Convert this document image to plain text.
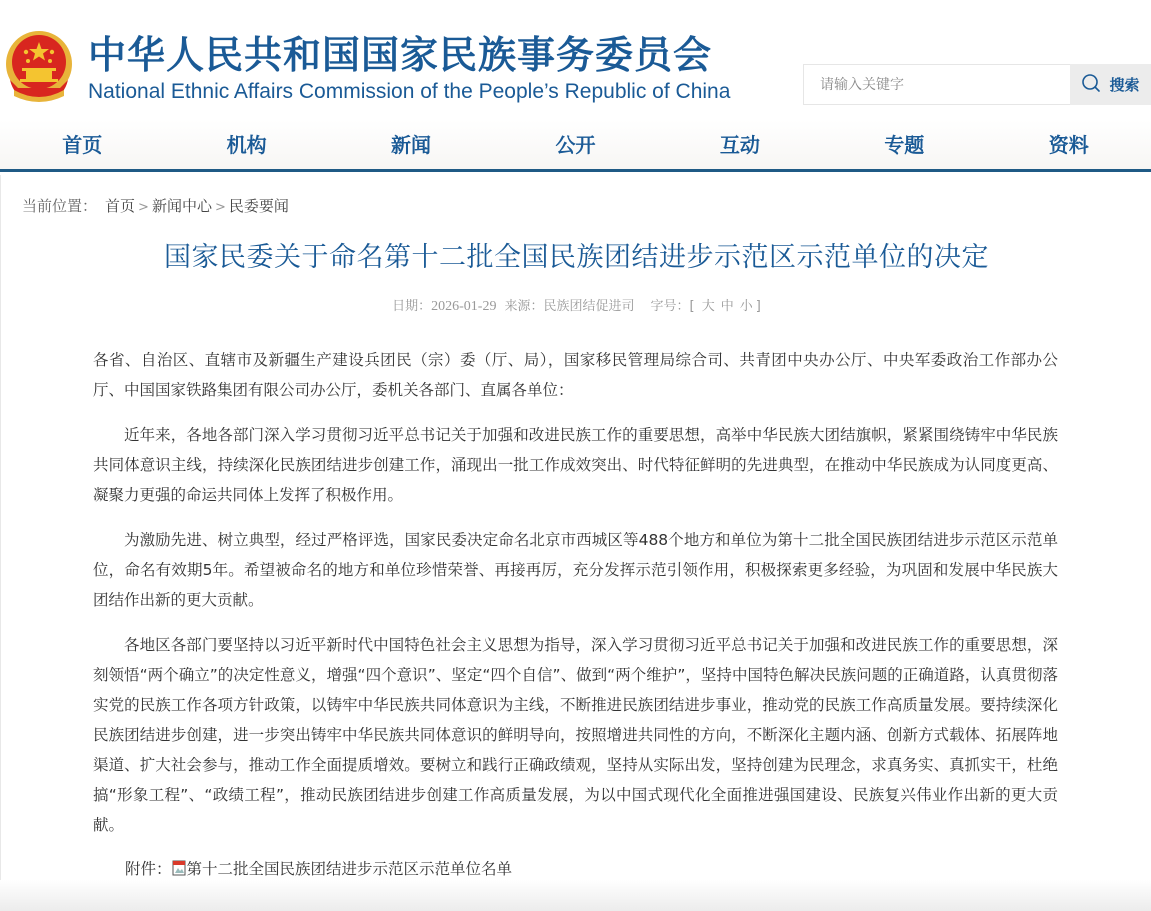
中华人民共和国国家民族事务委员会
National Ethnic Affairs Commission of the People’s Republic of China
请输入关键字	搜索
首页	机构	新闻	公开	互动	专题	资料
当前位置： 首页 > 新闻中心 > 民委要闻
国家民委关于命名第十二批全国民族团结进步示范区示范单位的决定
日期：2026-01-29 来源：民族团结促进司 字号：[ 大 中 小 ]

各省、自治区、直辖市及新疆生产建设兵团民（宗）委（厅、局），国家移民管理局综合司、共青团中央办公厅、中央军委政治工作部办公厅、中国国家铁路集团有限公司办公厅，委机关各部门、直属各单位：

近年来，各地各部门深入学习贯彻习近平总书记关于加强和改进民族工作的重要思想，高举中华民族大团结旗帜，紧紧围绕铸牢中华民族共同体意识主线，持续深化民族团结进步创建工作，涌现出一批工作成效突出、时代特征鲜明的先进典型，在推动中华民族成为认同度更高、凝聚力更强的命运共同体上发挥了积极作用。

为激励先进、树立典型，经过严格评选，国家民委决定命名北京市西城区等488个地方和单位为第十二批全国民族团结进步示范区示范单位，命名有效期5年。希望被命名的地方和单位珍惜荣誉、再接再厉，充分发挥示范引领作用，积极探索更多经验，为巩固和发展中华民族大团结作出新的更大贡献。

各地区各部门要坚持以习近平新时代中国特色社会主义思想为指导，深入学习贯彻习近平总书记关于加强和改进民族工作的重要思想，深刻领悟“两个确立”的决定性意义，增强“四个意识”、坚定“四个自信”、做到“两个维护”，坚持中国特色解决民族问题的正确道路，认真贯彻落实党的民族工作各项方针政策，以铸牢中华民族共同体意识为主线，不断推进民族团结进步事业，推动党的民族工作高质量发展。要持续深化民族团结进步创建，进一步突出铸牢中华民族共同体意识的鲜明导向，按照增进共同性的方向，不断深化主题内涵、创新方式载体、拓展阵地渠道、扩大社会参与，推动工作全面提质增效。要树立和践行正确政绩观，坚持从实际出发，坚持创建为民理念，求真务实、真抓实干，杜绝搞“形象工程”、“政绩工程”，推动民族团结进步创建工作高质量发展，为以中国式现代化全面推进强国建设、民族复兴伟业作出新的更大贡献。

附件： 第十二批全国民族团结进步示范区示范单位名单
